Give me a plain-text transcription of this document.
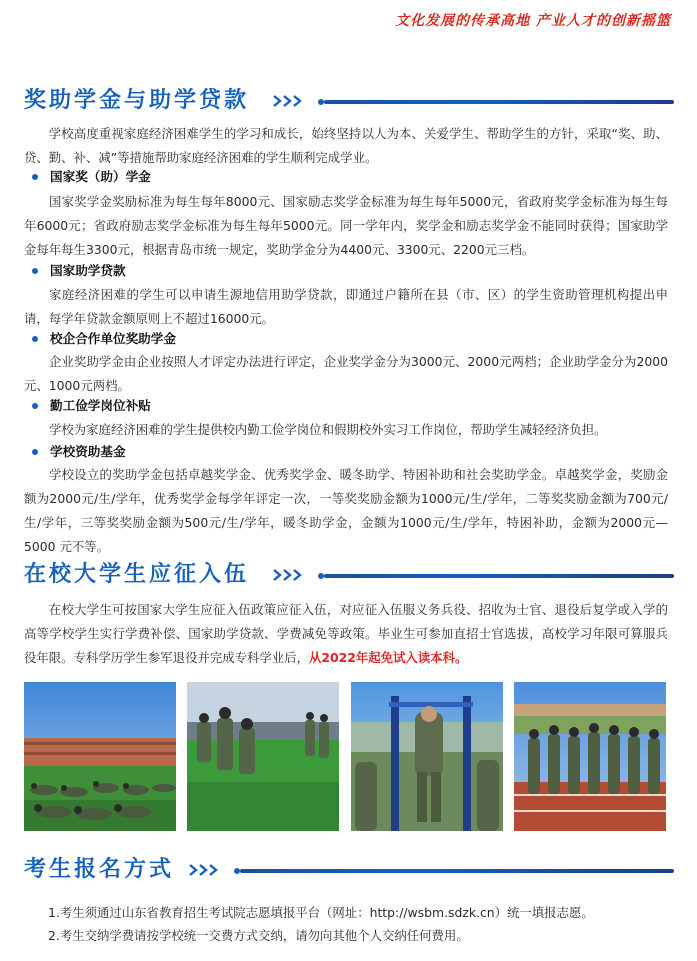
文化发展的传承高地 产业人才的创新摇篮
奖助学金与助学贷款
学校高度重视家庭经济困难学生的学习和成长，始终坚持以人为本、关爱学生、帮助学生的方针，采取“奖、助、贷、勤、补、减”等措施帮助家庭经济困难的学生顺利完成学业。
国家奖（助）学金
国家奖学金奖励标准为每生每年8000元、国家励志奖学金标准为每生每年5000元，省政府奖学金标准为每生每年6000元；省政府励志奖学金标准为每生每年5000元。同一学年内，奖学金和励志奖学金不能同时获得；国家助学金每年每生3300元，根据青岛市统一规定，奖助学金分为4400元、3300元、2200元三档。
国家助学贷款
家庭经济困难的学生可以申请生源地信用助学贷款，即通过户籍所在县（市、区）的学生资助管理机构提出申请，每学年贷款金额原则上不超过16000元。
校企合作单位奖助学金
企业奖助学金由企业按照人才评定办法进行评定，企业奖学金分为3000元、2000元两档；企业助学金分为2000元、1000元两档。
勤工俭学岗位补贴
学校为家庭经济困难的学生提供校内勤工俭学岗位和假期校外实习工作岗位，帮助学生减轻经济负担。
学校资助基金
学校设立的奖助学金包括卓越奖学金、优秀奖学金、暖冬助学、特困补助和社会奖助学金。卓越奖学金，奖励金额为2000元/生/学年，优秀奖学金每学年评定一次，一等奖奖励金额为1000元/生/学年，二等奖奖励金额为700元/生/学年，三等奖奖励金额为500元/生/学年，暖冬助学金，金额为1000元/生/学年，特困补助，金额为2000元—5000 元不等。
在校大学生应征入伍
在校大学生可按国家大学生应征入伍政策应征入伍，对应征入伍服义务兵役、招收为士官、退役后复学或入学的高等学校学生实行学费补偿、国家助学贷款、学费减免等政策。毕业生可参加直招士官选拔，高校学习年限可算服兵役年限。专科学历学生参军退役并完成专科学业后，从2022年起免试入读本科。
考生报名方式
1.考生须通过山东省教育招生考试院志愿填报平台（网址：http://wsbm.sdzk.cn）统一填报志愿。
2.考生交纳学费请按学校统一交费方式交纳，请勿向其他个人交纳任何费用。
